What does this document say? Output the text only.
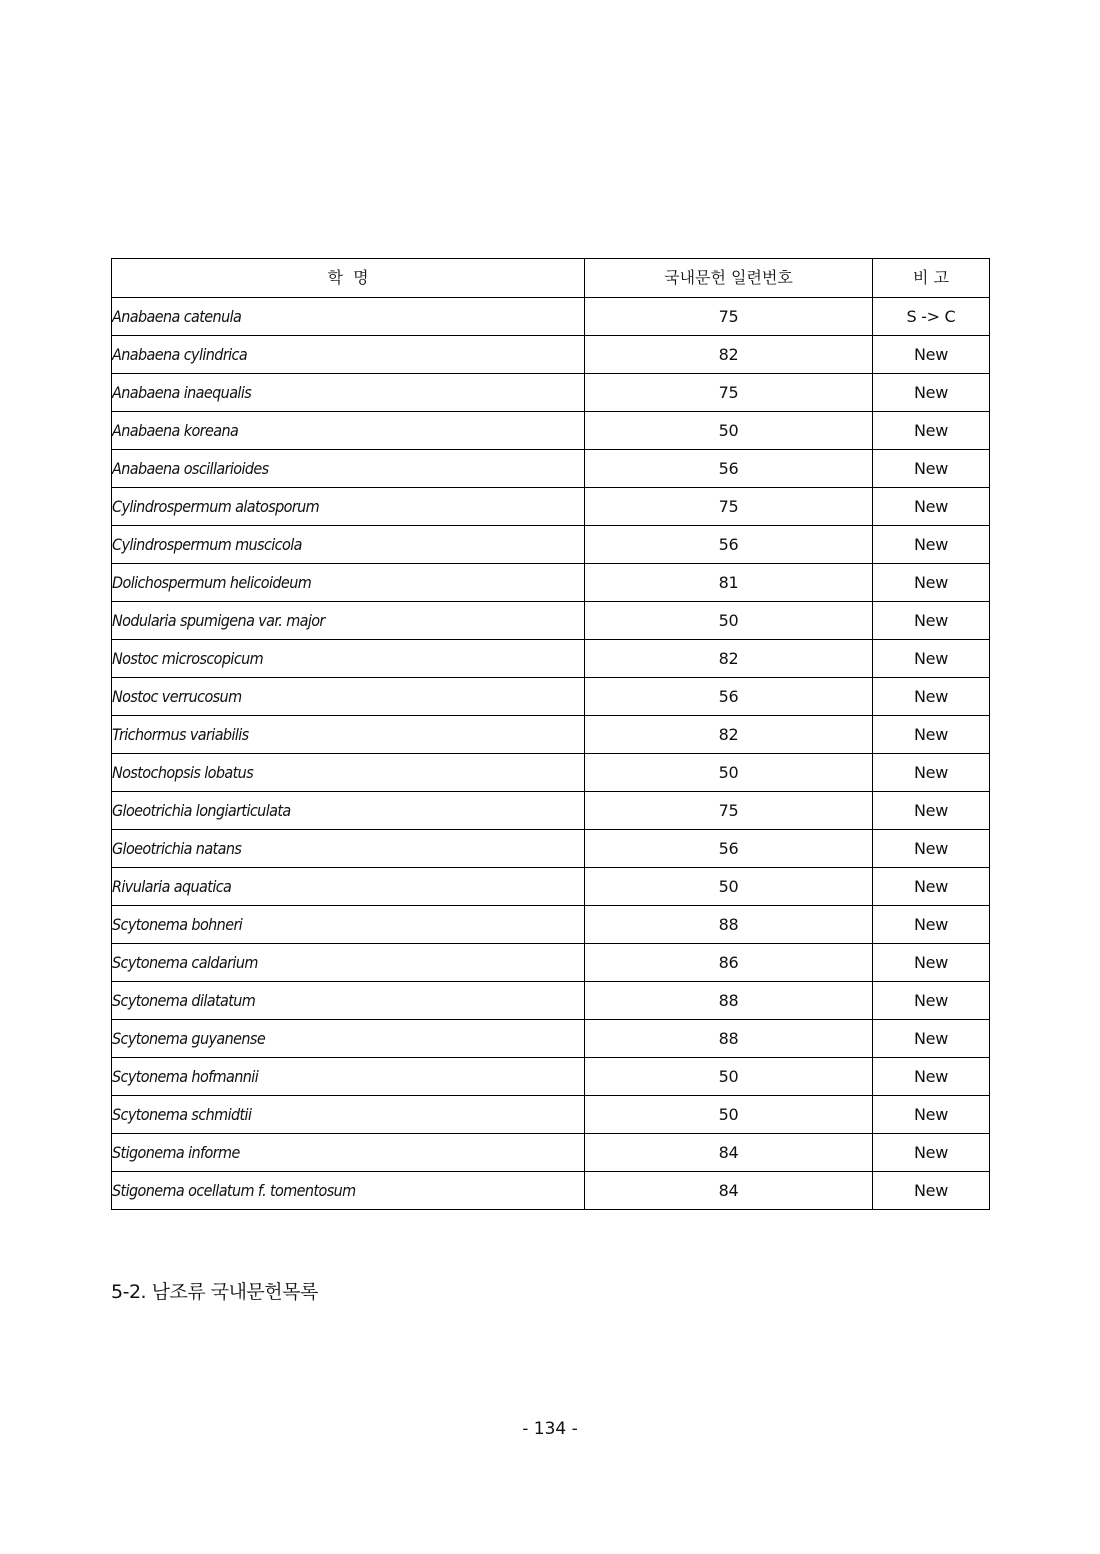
학  명	국내문헌 일련번호	비 고
Anabaena catenula	75	S -> C
Anabaena cylindrica	82	New
Anabaena inaequalis	75	New
Anabaena koreana	50	New
Anabaena oscillarioides	56	New
Cylindrospermum alatosporum	75	New
Cylindrospermum muscicola	56	New
Dolichospermum helicoideum	81	New
Nodularia spumigena var. major	50	New
Nostoc microscopicum	82	New
Nostoc verrucosum	56	New
Trichormus variabilis	82	New
Nostochopsis lobatus	50	New
Gloeotrichia longiarticulata	75	New
Gloeotrichia natans	56	New
Rivularia aquatica	50	New
Scytonema bohneri	88	New
Scytonema caldarium	86	New
Scytonema dilatatum	88	New
Scytonema guyanense	88	New
Scytonema hofmannii	50	New
Scytonema schmidtii	50	New
Stigonema informe	84	New
Stigonema ocellatum f. tomentosum	84	New
5-2. 남조류 국내문헌목록
- 134 -
